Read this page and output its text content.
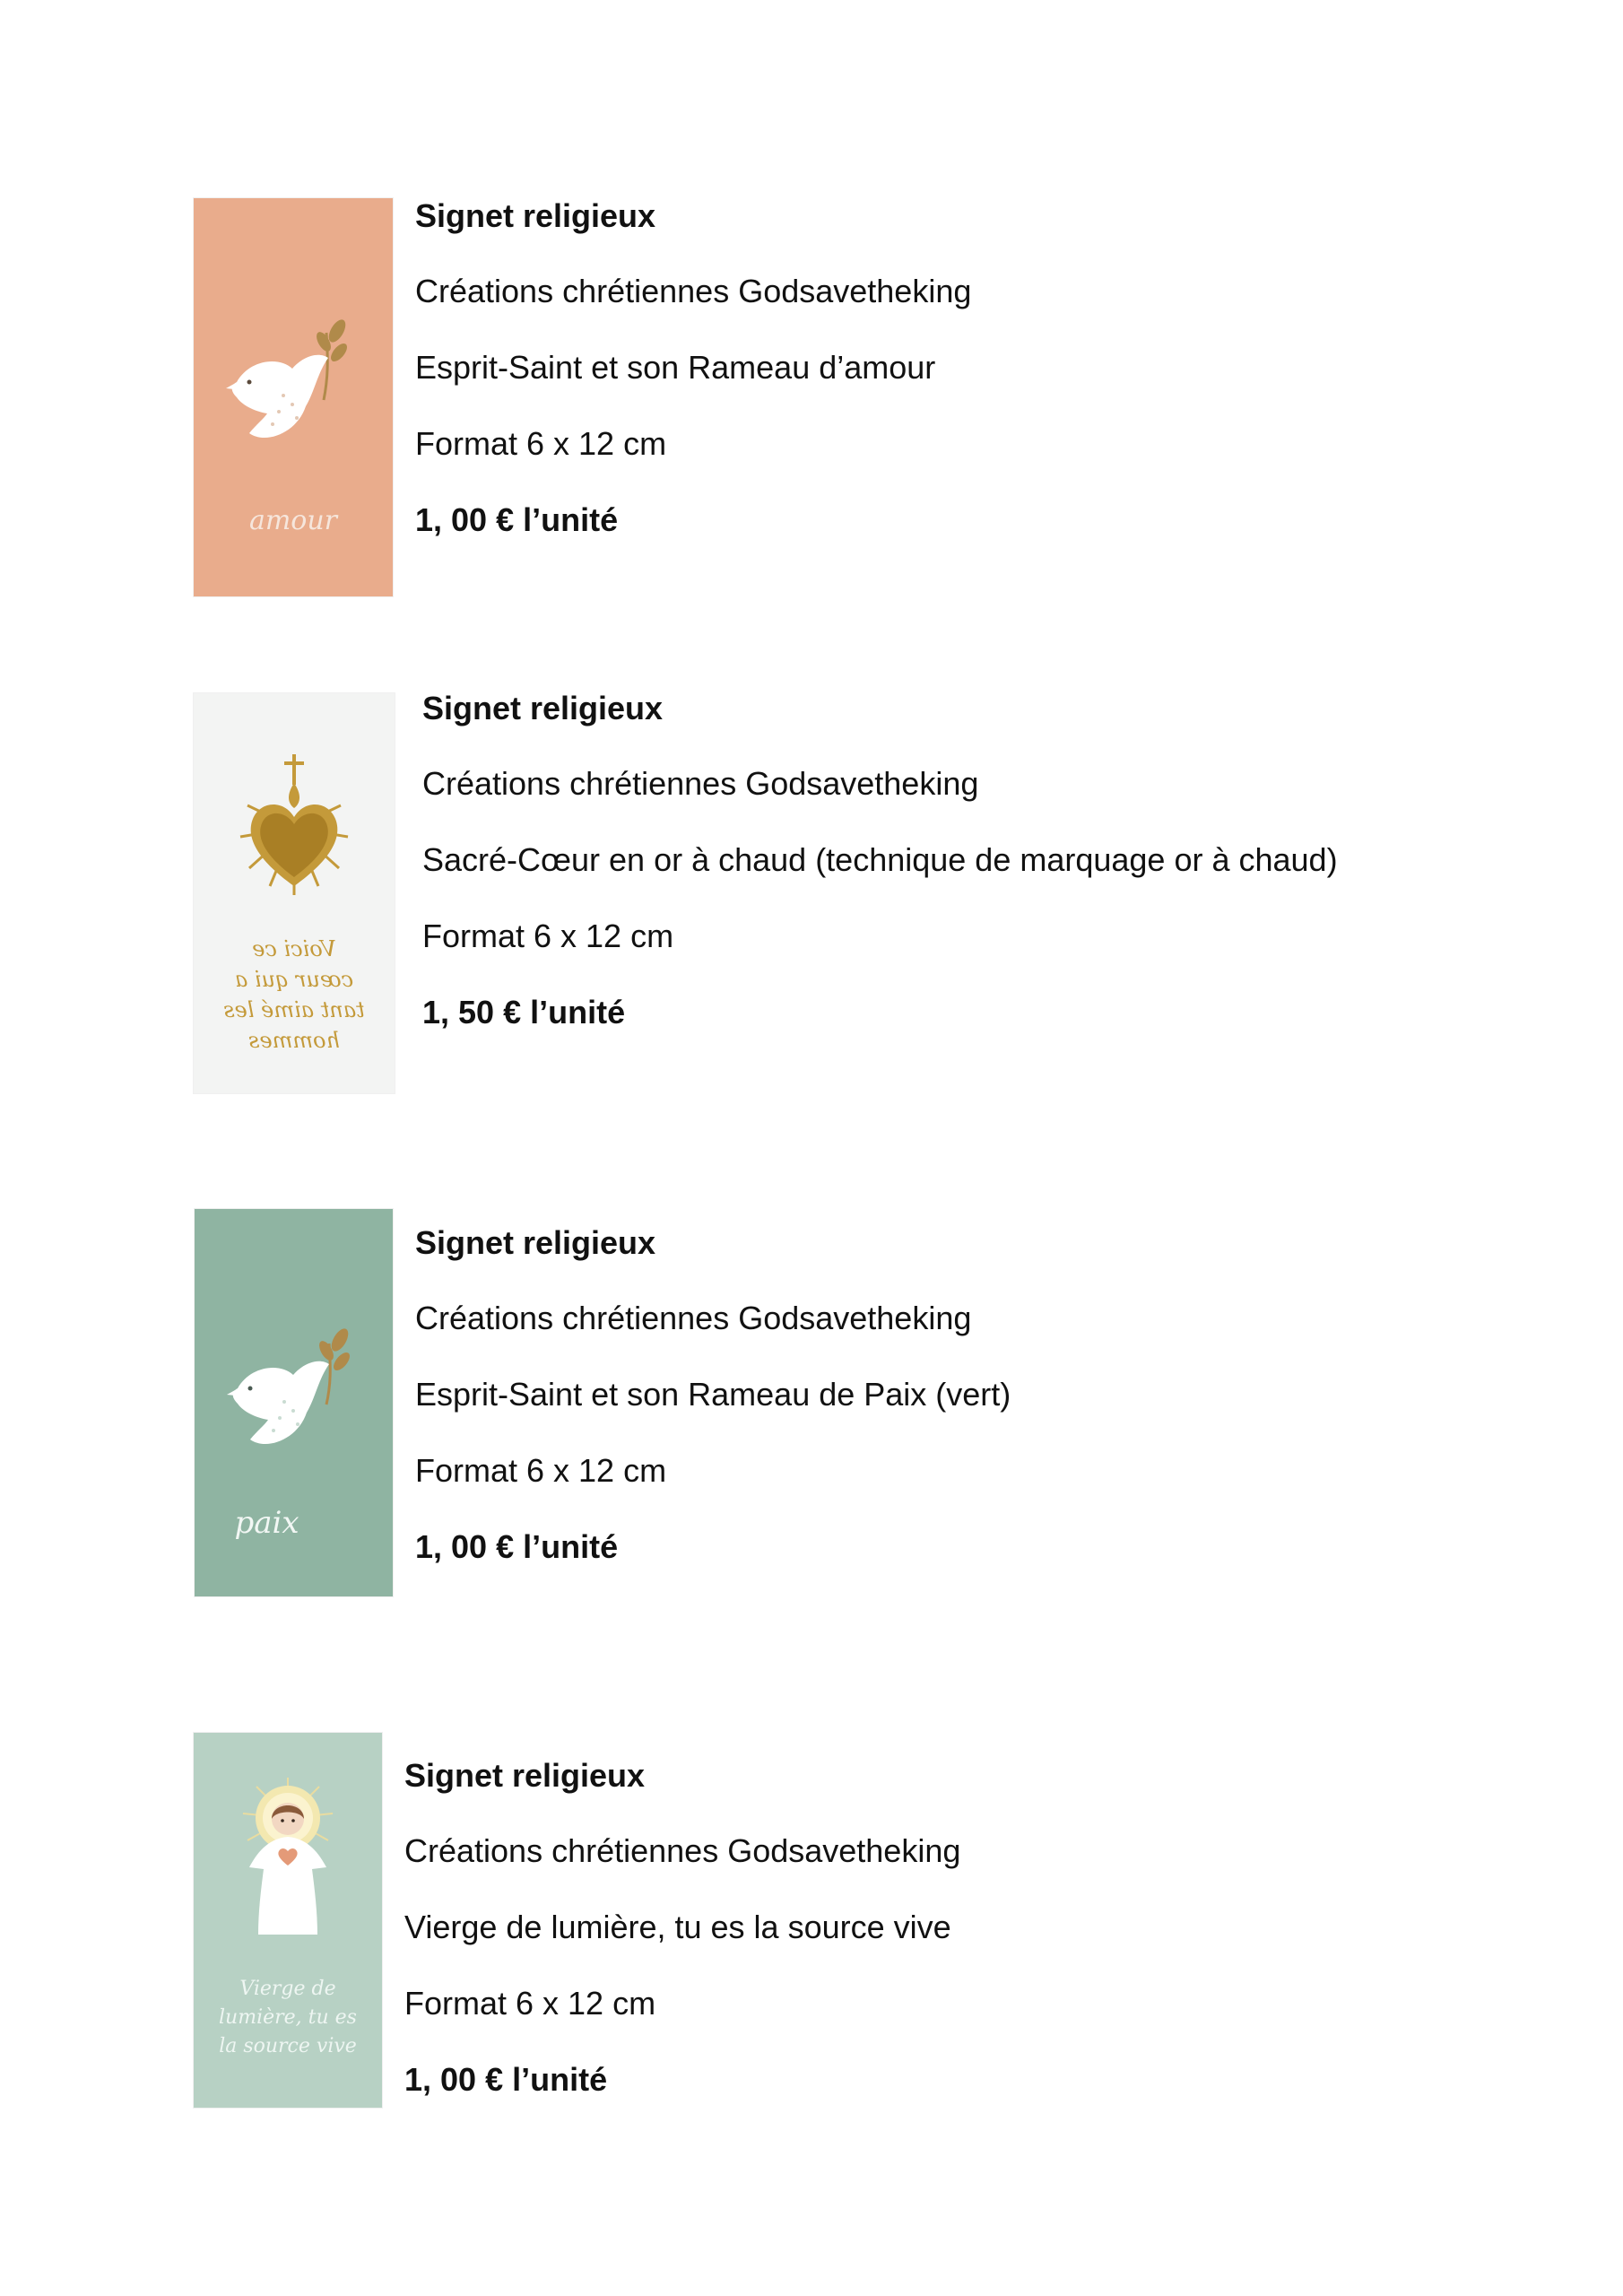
amour
Signet religieux
Créations chrétiennes Godsavetheking
Esprit-Saint et son Rameau d’amour
Format 6 x 12 cm
1, 00 € l’unité
Voici ce cœur qui a tant aimé les hommes
Signet religieux
Créations chrétiennes Godsavetheking
Sacré-Cœur en or à chaud (technique de marquage or à chaud)
Format 6 x 12 cm
1, 50 € l’unité
paix
Signet religieux
Créations chrétiennes Godsavetheking
Esprit-Saint et son Rameau de Paix (vert)
Format 6 x 12 cm
1, 00 € l’unité
Vierge de lumière, tu es la source vive
Signet religieux
Créations chrétiennes Godsavetheking
Vierge de lumière, tu es la source vive
Format 6 x 12 cm
1, 00 € l’unité
